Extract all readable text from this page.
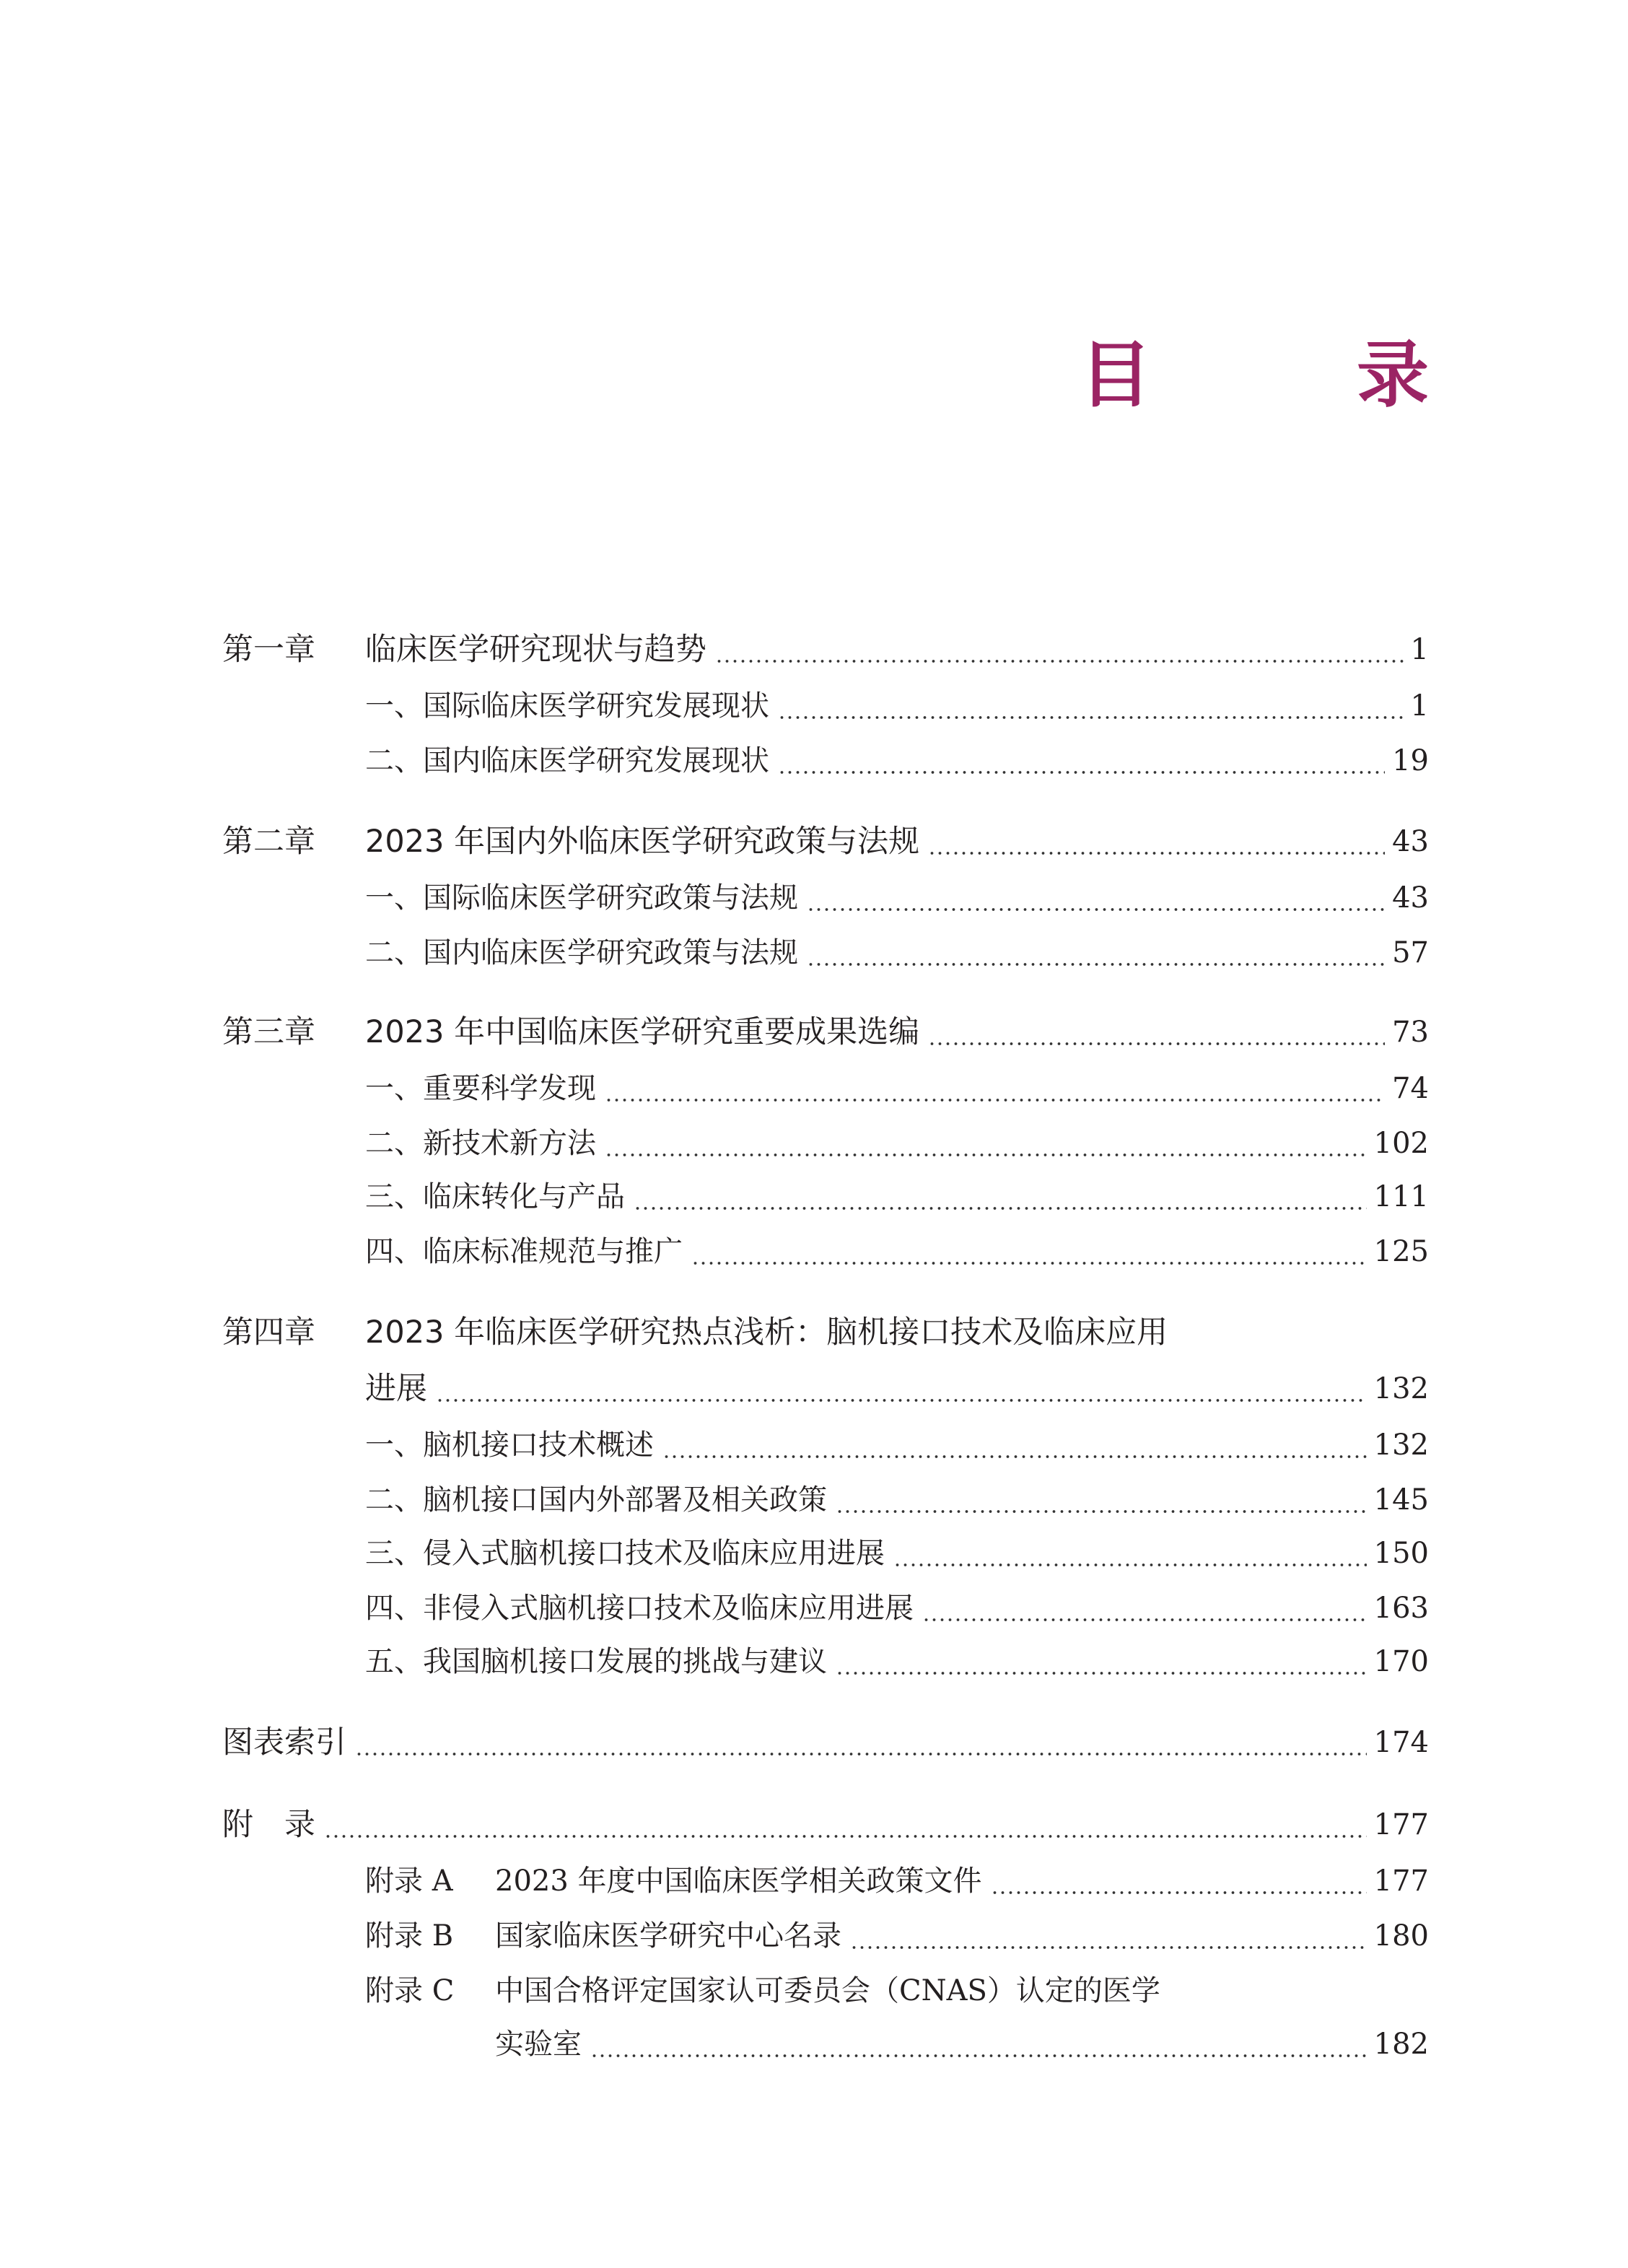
目　录
第一章 临床医学研究现状与趋势	1
一、国际临床医学研究发展现状	1
二、国内临床医学研究发展现状	19
第二章 2023 年国内外临床医学研究政策与法规	43
一、国际临床医学研究政策与法规	43
二、国内临床医学研究政策与法规	57
第三章 2023 年中国临床医学研究重要成果选编	73
一、重要科学发现	74
二、新技术新方法	102
三、临床转化与产品	111
四、临床标准规范与推广	125
第四章 2023 年临床医学研究热点浅析：脑机接口技术及临床应用
进展	132
一、脑机接口技术概述	132
二、脑机接口国内外部署及相关政策	145
三、侵入式脑机接口技术及临床应用进展	150
四、非侵入式脑机接口技术及临床应用进展	163
五、我国脑机接口发展的挑战与建议	170
图表索引	174
附　录	177
附录 A 2023 年度中国临床医学相关政策文件	177
附录 B 国家临床医学研究中心名录	180
附录 C 中国合格评定国家认可委员会（CNAS）认定的医学
实验室	182
